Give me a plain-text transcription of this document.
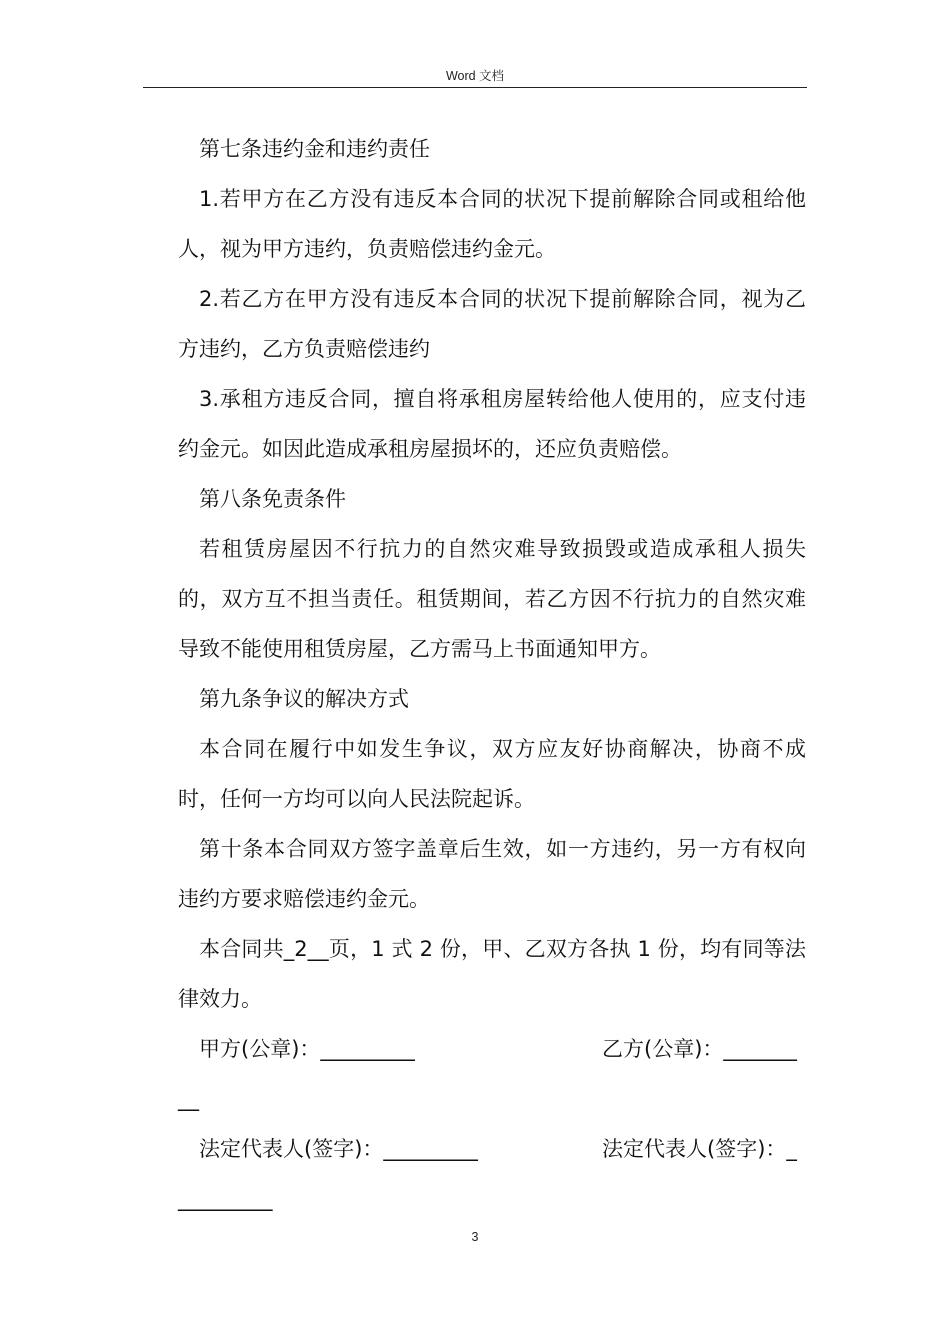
Word 文档

第七条违约金和违约责任

1.若甲方在乙方没有违反本合同的状况下提前解除合同或租给他人，视为甲方违约，负责赔偿违约金元。

2.若乙方在甲方没有违反本合同的状况下提前解除合同，视为乙方违约，乙方负责赔偿违约

3.承租方违反合同，擅自将承租房屋转给他人使用的，应支付违约金元。如因此造成承租房屋损坏的，还应负责赔偿。

第八条免责条件

若租赁房屋因不行抗力的自然灾难导致损毁或造成承租人损失的，双方互不担当责任。租赁期间，若乙方因不行抗力的自然灾难导致不能使用租赁房屋，乙方需马上书面通知甲方。

第九条争议的解决方式

本合同在履行中如发生争议，双方应友好协商解决，协商不成时，任何一方均可以向人民法院起诉。

第十条本合同双方签字盖章后生效，如一方违约，另一方有权向违约方要求赔偿违约金元。

本合同共_2__页，1 式 2 份，甲、乙双方各执 1 份，均有同等法律效力。

甲方(公章)：_________	乙方(公章)：_______
__
法定代表人(签字)：_________	法定代表人(签字)：_
_________
3
